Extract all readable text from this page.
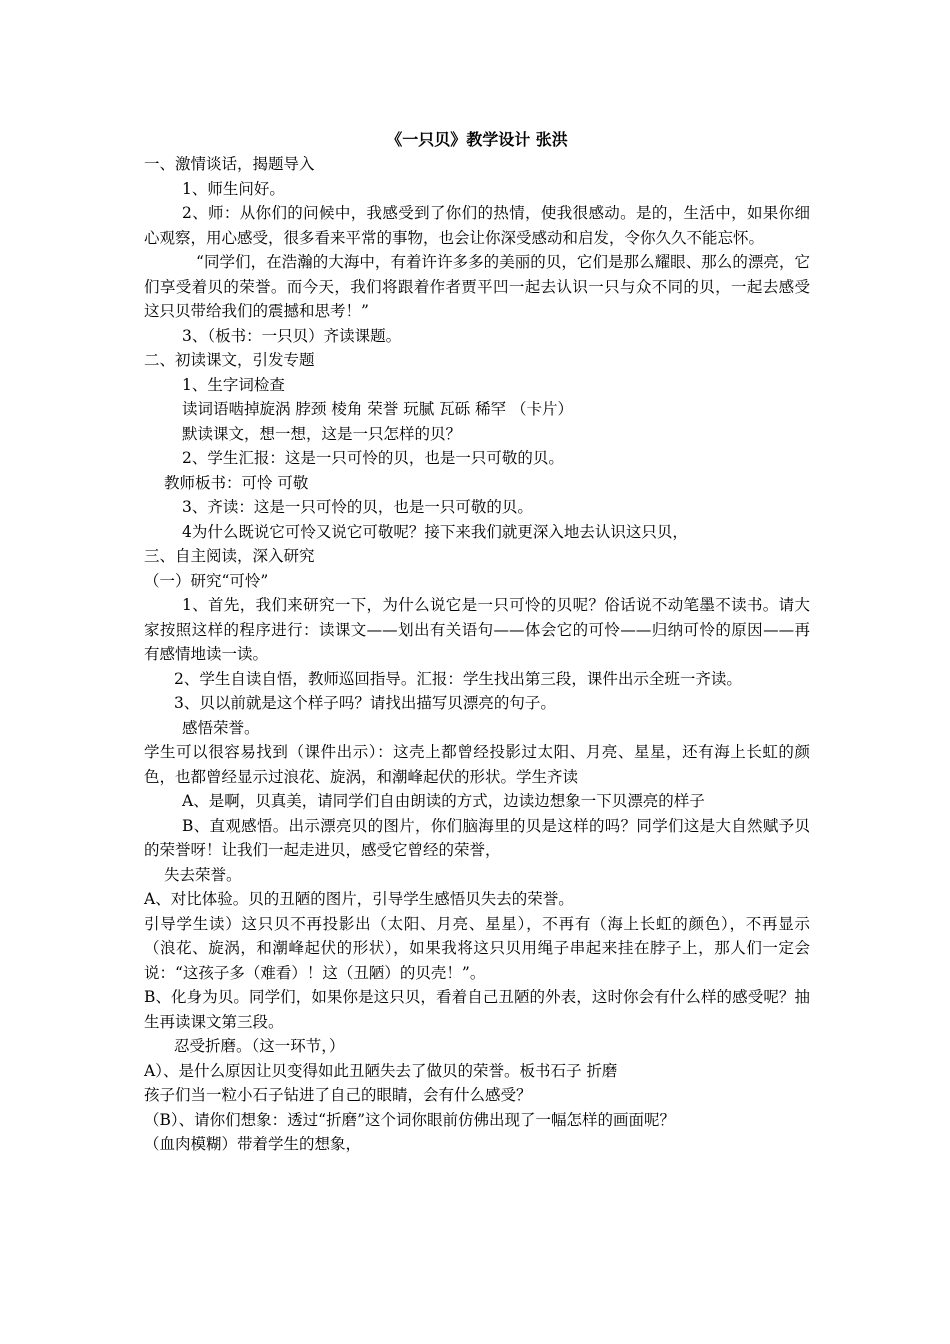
《一只贝》教学设计 张洪

一、激情谈话，揭题导入

1、师生问好。

2、师：从你们的问候中，我感受到了你们的热情，使我很感动。是的，生活中，如果你细心观察，用心感受，很多看来平常的事物，也会让你深受感动和启发，令你久久不能忘怀。

“同学们，在浩瀚的大海中，有着许许多多的美丽的贝，它们是那么耀眼、那么的漂亮，它们享受着贝的荣誉。而今天，我们将跟着作者贾平凹一起去认识一只与众不同的贝，一起去感受这只贝带给我们的震撼和思考！”

3、（板书：一只贝）齐读课题。

二、初读课文，引发专题

1、生字词检查

读词语啮掉旋涡 脖颈 棱角 荣誉 玩腻 瓦砾 稀罕 （卡片）

默读课文，想一想，这是一只怎样的贝？

2、学生汇报：这是一只可怜的贝，也是一只可敬的贝。

教师板书：可怜 可敬

3、齐读：这是一只可怜的贝，也是一只可敬的贝。

4为什么既说它可怜又说它可敬呢？接下来我们就更深入地去认识这只贝，

三、自主阅读，深入研究

（一）研究“可怜”

1、首先，我们来研究一下，为什么说它是一只可怜的贝呢？俗话说不动笔墨不读书。请大家按照这样的程序进行：读课文——划出有关语句——体会它的可怜——归纳可怜的原因——再有感情地读一读。

2、学生自读自悟，教师巡回指导。汇报：学生找出第三段，课件出示全班一齐读。

3、贝以前就是这个样子吗？请找出描写贝漂亮的句子。

感悟荣誉。

学生可以很容易找到（课件出示）：这壳上都曾经投影过太阳、月亮、星星，还有海上长虹的颜色，也都曾经显示过浪花、旋涡，和潮峰起伏的形状。学生齐读

A、是啊，贝真美，请同学们自由朗读的方式，边读边想象一下贝漂亮的样子

B、直观感悟。出示漂亮贝的图片，你们脑海里的贝是这样的吗？同学们这是大自然赋予贝的荣誉呀！让我们一起走进贝，感受它曾经的荣誉，

失去荣誉。

A、对比体验。贝的丑陋的图片，引导学生感悟贝失去的荣誉。

引导学生读）这只贝不再投影出（太阳、月亮、星星），不再有（海上长虹的颜色），不再显示（浪花、旋涡，和潮峰起伏的形状），如果我将这只贝用绳子串起来挂在脖子上，那人们一定会说：“这孩子多（难看）！这（丑陋）的贝壳！”。

B、化身为贝。同学们，如果你是这只贝，看着自己丑陋的外表，这时你会有什么样的感受呢？抽生再读课文第三段。

忍受折磨。（这一环节，）

A）、是什么原因让贝变得如此丑陋失去了做贝的荣誉。板书石子 折磨

孩子们当一粒小石子钻进了自己的眼睛，会有什么感受？

（B）、请你们想象：透过“折磨”这个词你眼前仿佛出现了一幅怎样的画面呢？

（血肉模糊）带着学生的想象，
